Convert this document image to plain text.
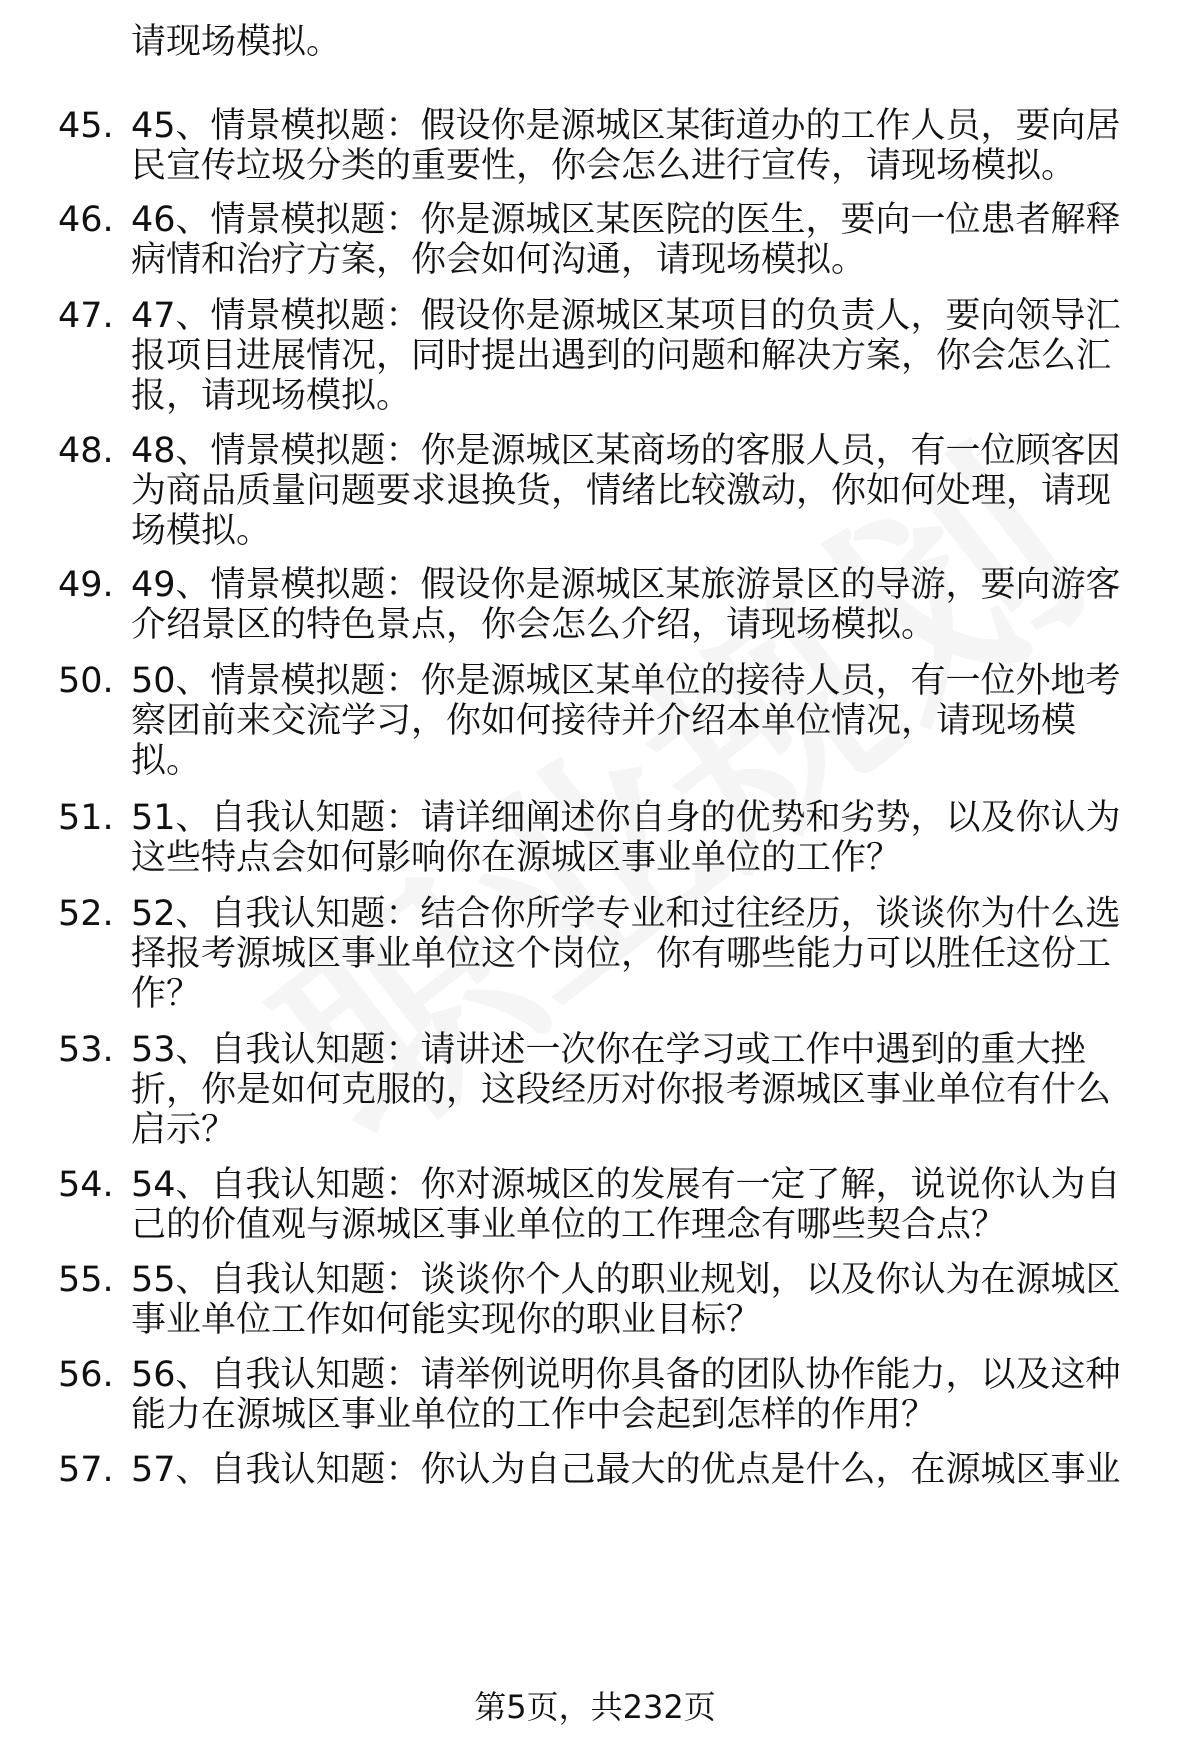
请现场模拟。
45. 45、情景模拟题：假设你是源城区某街道办的工作人员，要向居
民宣传垃圾分类的重要性，你会怎么进行宣传，请现场模拟。
46. 46、情景模拟题：你是源城区某医院的医生，要向一位患者解释
病情和治疗方案，你会如何沟通，请现场模拟。
47. 47、情景模拟题：假设你是源城区某项目的负责人，要向领导汇
报项目进展情况，同时提出遇到的问题和解决方案，你会怎么汇
报，请现场模拟。
48. 48、情景模拟题：你是源城区某商场的客服人员，有一位顾客因
为商品质量问题要求退换货，情绪比较激动，你如何处理，请现
场模拟。
49. 49、情景模拟题：假设你是源城区某旅游景区的导游，要向游客
介绍景区的特色景点，你会怎么介绍，请现场模拟。
50. 50、情景模拟题：你是源城区某单位的接待人员，有一位外地考
察团前来交流学习，你如何接待并介绍本单位情况，请现场模
拟。
51. 51、自我认知题：请详细阐述你自身的优势和劣势，以及你认为
这些特点会如何影响你在源城区事业单位的工作？
52. 52、自我认知题：结合你所学专业和过往经历，谈谈你为什么选
择报考源城区事业单位这个岗位，你有哪些能力可以胜任这份工
作？
53. 53、自我认知题：请讲述一次你在学习或工作中遇到的重大挫
折，你是如何克服的，这段经历对你报考源城区事业单位有什么
启示？
54. 54、自我认知题：你对源城区的发展有一定了解，说说你认为自
己的价值观与源城区事业单位的工作理念有哪些契合点？
55. 55、自我认知题：谈谈你个人的职业规划，以及你认为在源城区
事业单位工作如何能实现你的职业目标？
56. 56、自我认知题：请举例说明你具备的团队协作能力，以及这种
能力在源城区事业单位的工作中会起到怎样的作用？
57. 57、自我认知题：你认为自己最大的优点是什么，在源城区事业
第5页，共232页
